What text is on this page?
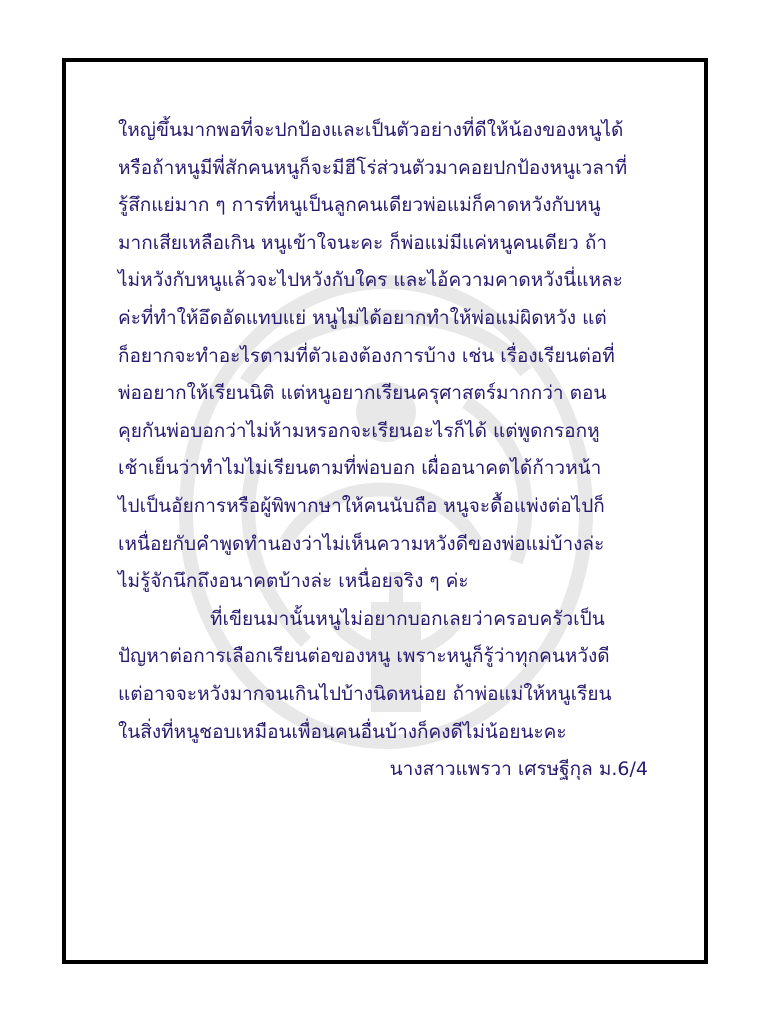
ใหญ่ขึ้นมากพอที่จะปกป้องและเป็นตัวอย่างที่ดีให้น้องของหนูได้
หรือถ้าหนูมีพี่สักคนหนูก็จะมีฮีโร่ส่วนตัวมาคอยปกป้องหนูเวลาที่
รู้สึกแย่มาก ๆ การที่หนูเป็นลูกคนเดียวพ่อแม่ก็คาดหวังกับหนู
มากเสียเหลือเกิน หนูเข้าใจนะคะ ก็พ่อแม่มีแค่หนูคนเดียว ถ้า
ไม่หวังกับหนูแล้วจะไปหวังกับใคร และไอ้ความคาดหวังนี่แหละ
ค่ะที่ทำให้อึดอัดแทบแย่ หนูไม่ได้อยากทำให้พ่อแม่ผิดหวัง แต่
ก็อยากจะทำอะไรตามที่ตัวเองต้องการบ้าง เช่น เรื่องเรียนต่อที่
พ่ออยากให้เรียนนิติ แต่หนูอยากเรียนครุศาสตร์มากกว่า ตอน
คุยกันพ่อบอกว่าไม่ห้ามหรอกจะเรียนอะไรก็ได้ แต่พูดกรอกหู
เช้าเย็นว่าทำไมไม่เรียนตามที่พ่อบอก เผื่ออนาคตได้ก้าวหน้า
ไปเป็นอัยการหรือผู้พิพากษาให้คนนับถือ หนูจะดื้อแพ่งต่อไปก็
เหนื่อยกับคำพูดทำนองว่าไม่เห็นความหวังดีของพ่อแม่บ้างล่ะ
ไม่รู้จักนึกถึงอนาคตบ้างล่ะ เหนื่อยจริง ๆ ค่ะ
ที่เขียนมานั้นหนูไม่อยากบอกเลยว่าครอบครัวเป็น
ปัญหาต่อการเลือกเรียนต่อของหนู เพราะหนูก็รู้ว่าทุกคนหวังดี
แต่อาจจะหวังมากจนเกินไปบ้างนิดหน่อย ถ้าพ่อแม่ให้หนูเรียน
ในสิ่งที่หนูชอบเหมือนเพื่อนคนอื่นบ้างก็คงดีไม่น้อยนะคะ
นางสาวแพรวา เศรษฐีกุล ม.6/4
